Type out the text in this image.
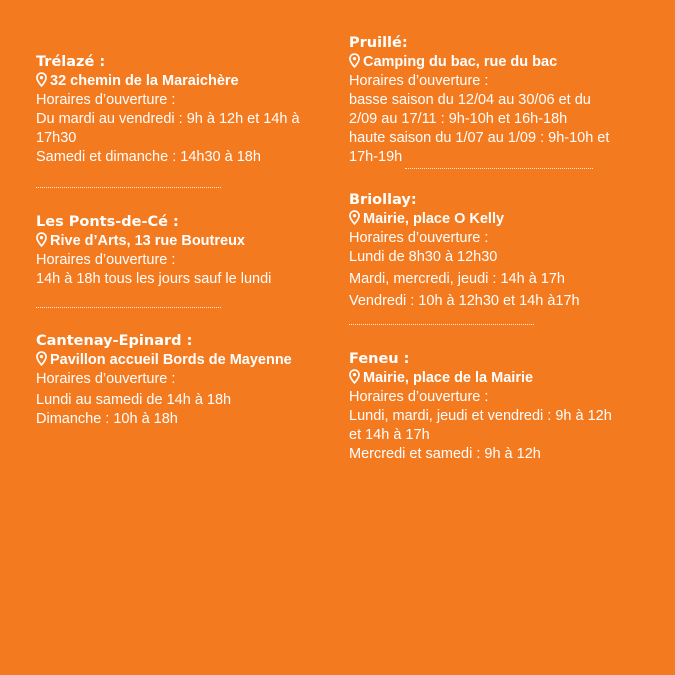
Trélazé :
32 chemin de la Maraichère
Horaires d’ouverture :
Du mardi au vendredi : 9h à 12h et 14h à
17h30
Samedi et dimanche : 14h30 à 18h
Les Ponts-de-Cé :
Rive d’Arts, 13 rue Boutreux
Horaires d’ouverture :
14h à 18h tous les jours sauf le lundi
Cantenay-Epinard :
Pavillon accueil Bords de Mayenne
Horaires d’ouverture :
Lundi au samedi de 14h à 18h
Dimanche : 10h à 18h
Pruillé:
Camping du bac, rue du bac
Horaires d’ouverture :
basse saison du 12/04 au 30/06 et du
2/09 au 17/11 : 9h-10h et 16h-18h
haute saison du 1/07 au 1/09 : 9h-10h et
17h-19h
Briollay:
Mairie, place O Kelly
Horaires d’ouverture :
Lundi de 8h30 à 12h30
Mardi, mercredi, jeudi : 14h à 17h
Vendredi : 10h à 12h30 et 14h à17h
Feneu :
Mairie, place de la Mairie
Horaires d’ouverture :
Lundi, mardi, jeudi et vendredi : 9h à 12h
et 14h à 17h
Mercredi et samedi : 9h à 12h
